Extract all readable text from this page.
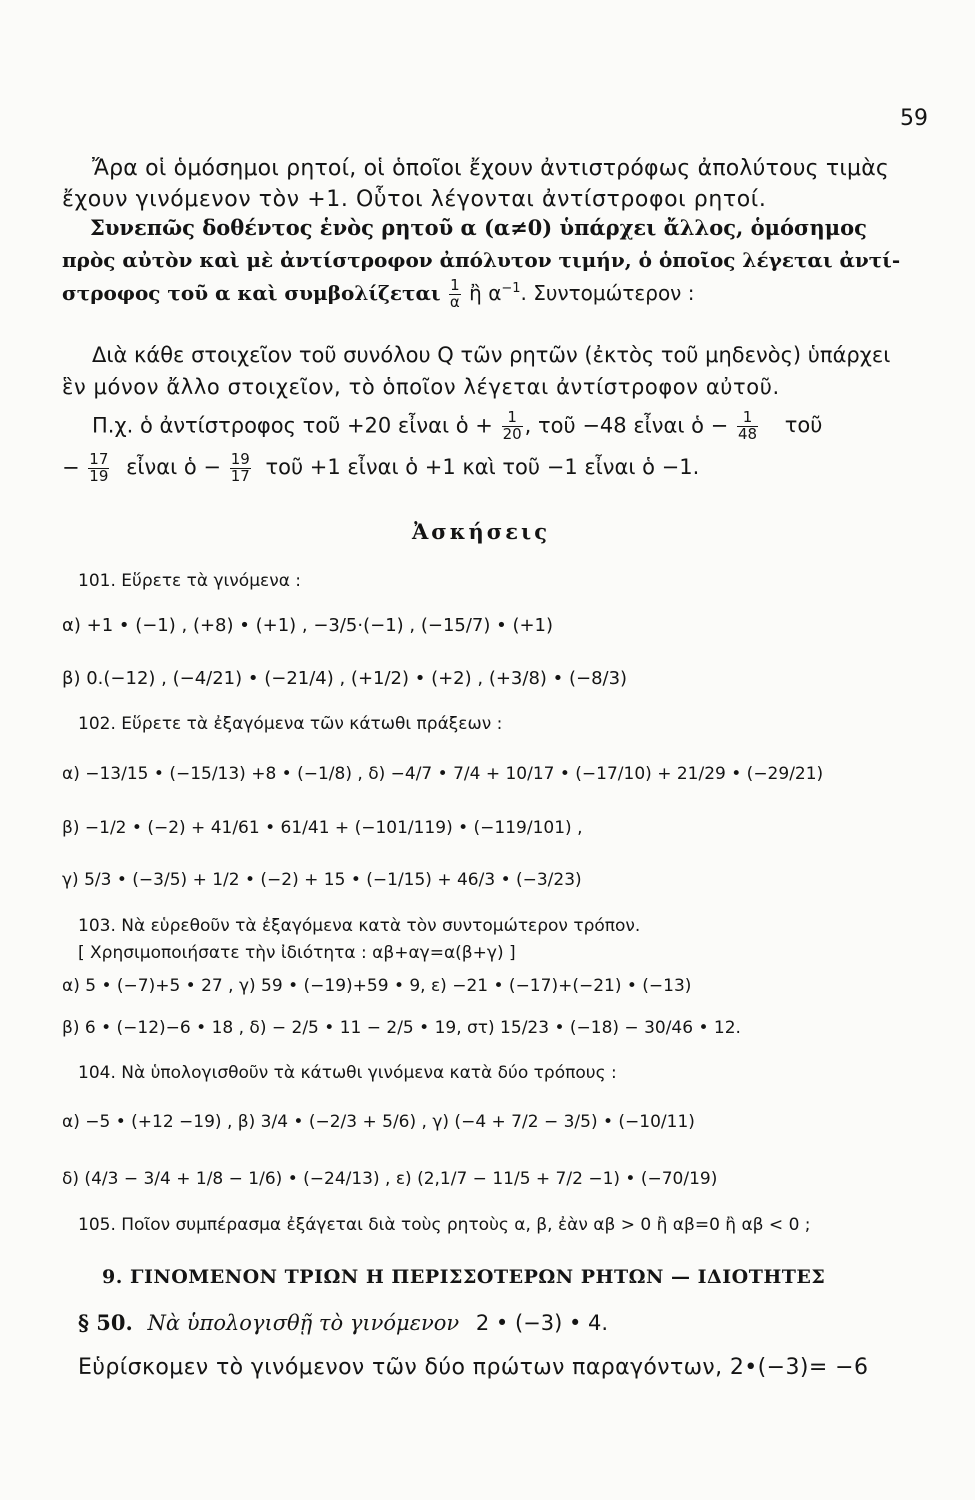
59
Ἄρα οἱ ὁμόσημοι ρητοί, οἱ ὁποῖοι ἔχουν ἀντιστρόφως ἀπολύτους τιμὰς
ἔχουν γινόμενον τὸν +1. Οὗτοι λέγονται ἀντίστροφοι ρητοί.
Συνεπῶς δοθέντος ἑνὸς ρητοῦ α (α≠0) ὑπάρχει ἄλλος, ὁμόσημος
πρὸς αὐτὸν καὶ μὲ ἀντίστροφον ἀπόλυτον τιμήν, ὁ ὁποῖος λέγεται ἀντί-
στροφος τοῦ α καὶ συμβολίζεται $\frac{1}{\alpha}$ ἢ $\alpha^{-1}$. Συντομώτερον :
Διὰ κάθε στοιχεῖον τοῦ συνόλου Q τῶν ρητῶν (ἐκτὸς τοῦ μηδενὸς) ὑπάρχει
ἓν μόνον ἄλλο στοιχεῖον, τὸ ὁποῖον λέγεται ἀντίστροφον αὐτοῦ.
Π.χ. ὁ ἀντίστροφος τοῦ +20 εἶναι ὁ + $\frac{1}{20}$ , τοῦ −48 εἶναι ὁ − $\frac{1}{48}$ τοῦ
− $\frac{17}{19}$ εἶναι ὁ − $\frac{19}{17}$ τοῦ +1 εἶναι ὁ +1 καὶ τοῦ −1 εἶναι ὁ −1.
Ἀσκήσεις
101. Εὕρετε τὰ γινόμενα :
α) +1 • (−1) , (+8) • (+1) , −3/5·(−1) , (−15/7) • (+1)
β) 0.(−12) , (−4/21) • (−21/4) , (+1/2) • (+2) , (+3/8) • (−8/3)
102. Εὕρετε τὰ ἐξαγόμενα τῶν κάτωθι πράξεων :
α) −13/15 • (−15/13) +8 • (−1/8) , δ) −4/7 • 7/4 + 10/17 • (−17/10) + 21/29 • (−29/21)
β) −1/2 • (−2) + 41/61 • 61/41 + (−101/119) • (−119/101) ,
γ) 5/3 • (−3/5) + 1/2 • (−2) + 15 • (−1/15) + 46/3 • (−3/23)
103. Νὰ εὑρεθοῦν τὰ ἐξαγόμενα κατὰ τὸν συντομώτερον τρόπον.
[ Χρησιμοποιήσατε τὴν ἰδιότητα : αβ+αγ=α(β+γ) ]
α) 5 • (−7)+5 • 27 , γ) 59 • (−19)+59 • 9, ε) −21 • (−17)+(−21) • (−13)
β) 6 • (−12)−6 • 18 , δ) − 2/5 • 11 − 2/5 • 19, στ) 15/23 • (−18) − 30/46 • 12.
104. Νὰ ὑπολογισθοῦν τὰ κάτωθι γινόμενα κατὰ δύο τρόπους :
α) −5 • (+12 −19) , β) 3/4 • (−2/3 + 5/6) , γ) (−4 + 7/2 − 3/5) • (−10/11)
δ) (4/3 − 3/4 + 1/8 − 1/6) • (−24/13) , ε) (2,1/7 − 11/5 + 7/2 −1) • (−70/19)
105. Ποῖον συμπέρασμα ἐξάγεται διὰ τοὺς ρητοὺς α, β, ἐὰν αβ > 0 ἢ αβ=0 ἢ αβ < 0 ;
9. ΓΙΝΟΜΕΝΟΝ ΤΡΙΩΝ Η ΠΕΡΙΣΣΟΤΕΡΩΝ ΡΗΤΩΝ — ΙΔΙΟΤΗΤΕΣ
§ 50. Νὰ ὑπολογισθῇ τὸ γινόμενον 2 • (−3) • 4.
Εὑρίσκομεν τὸ γινόμενον τῶν δύο πρώτων παραγόντων, 2•(−3)= −6
